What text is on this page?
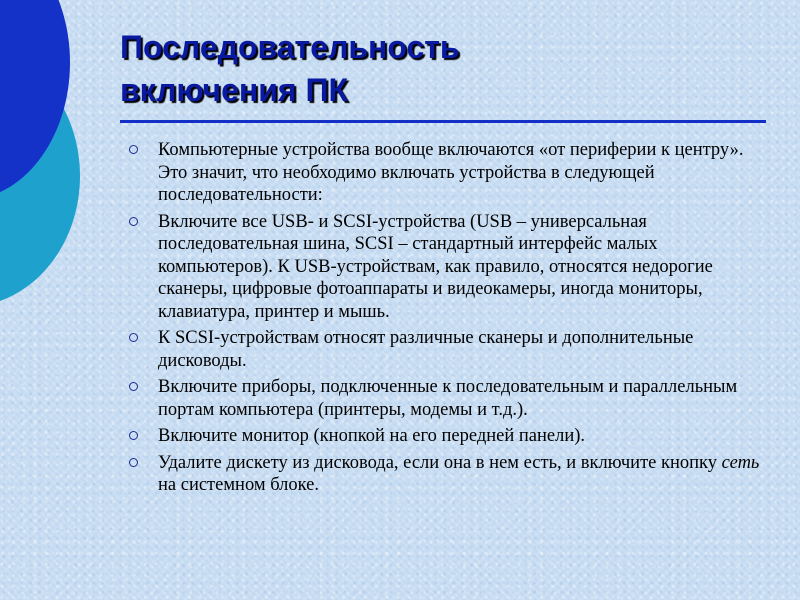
Последовательность
включения ПК
Компьютерные устройства вообще включаются «от периферии к центру». Это значит, что необходимо включать устройства в следующей последовательности:
Включите все USB- и SCSI-устройства (USB – универсальная последовательная шина, SCSI – стандартный интерфейс малых компьютеров). К USB-устройствам, как правило, относятся недорогие сканеры, цифровые фотоаппараты и видеокамеры, иногда мониторы, клавиатура, принтер и мышь.
К SCSI-устройствам относят различные сканеры и дополнительные дисководы.
Включите приборы, подключенные к последовательным и параллельным портам компьютера (принтеры, модемы и т.д.).
Включите монитор (кнопкой на его передней панели).
Удалите дискету из дисковода, если она в нем есть, и включите кнопку сеть на системном блоке.
